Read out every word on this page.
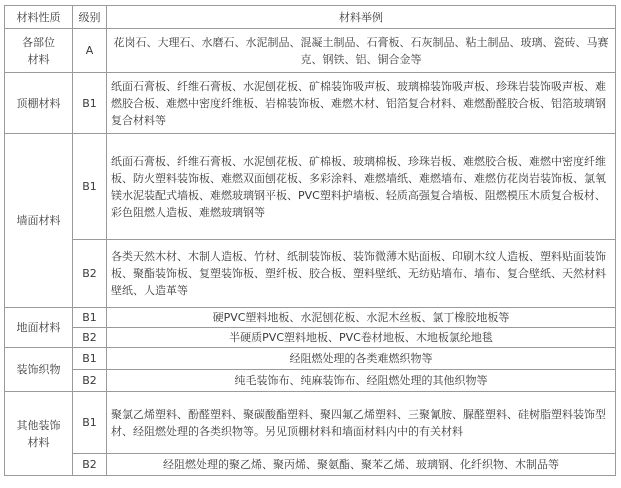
材料性质	级别	材料举例

各部位
材料	A	花岗石、大理石、水磨石、水泥制品、混凝土制品、石膏板、石灰制品、粘土制品、玻璃、瓷砖、马赛克、钢铁、铝、铜合金等
顶棚材料	B1	纸面石膏板、纤维石膏板、水泥刨花板、矿棉装饰吸声板、玻璃棉装饰吸声板、珍珠岩装饰吸声板、难燃胶合板、难燃中密度纤维板、岩棉装饰板、难燃木材、铝箔复合材料、难燃酚醛胶合板、铝箔玻璃钢复合材料等
墙面材料	B1	纸面石膏板、纤维石膏板、水泥刨花板、矿棉板、玻璃棉板、珍珠岩板、难燃胶合板、难燃中密度纤维板、防火塑料装饰板、难燃双面刨花板、多彩涂料、难燃墙纸、难燃墙布、难燃仿花岗岩装饰板、氯氧镁水泥装配式墙板、难燃玻璃钢平板、PVC塑料护墙板、轻质高强复合墙板、阻燃模压木质复合板材、彩色阻燃人造板、难燃玻璃钢等
	B2	各类天然木材、木制人造板、竹材、纸制装饰板、装饰微薄木贴面板、印刷木纹人造板、塑料贴面装饰板、聚酯装饰板、复塑装饰板、塑纤板、胶合板、塑料壁纸、无纺贴墙布、墙布、复合壁纸、天然材料壁纸、人造革等
地面材料	B1	硬PVC塑料地板、水泥刨花板、水泥木丝板、氯丁橡胶地板等
	B2	半硬质PVC塑料地板、PVC卷材地板、木地板氯纶地毯
装饰织物	B1	经阻燃处理的各类难燃织物等
	B2	纯毛装饰布、纯麻装饰布、经阻燃处理的其他织物等

其他装饰
材料	B1	聚氯乙烯塑料、酚醛塑料、聚碳酸酯塑料、聚四氟乙烯塑料、三聚氰胺、脲醛塑料、硅树脂塑料装饰型材、经阻燃处理的各类织物等。另见顶棚材料和墙面材料内中的有关材料
	B2	经阻燃处理的聚乙烯、聚丙烯、聚氨酯、聚苯乙烯、玻璃钢、化纤织物、木制品等
